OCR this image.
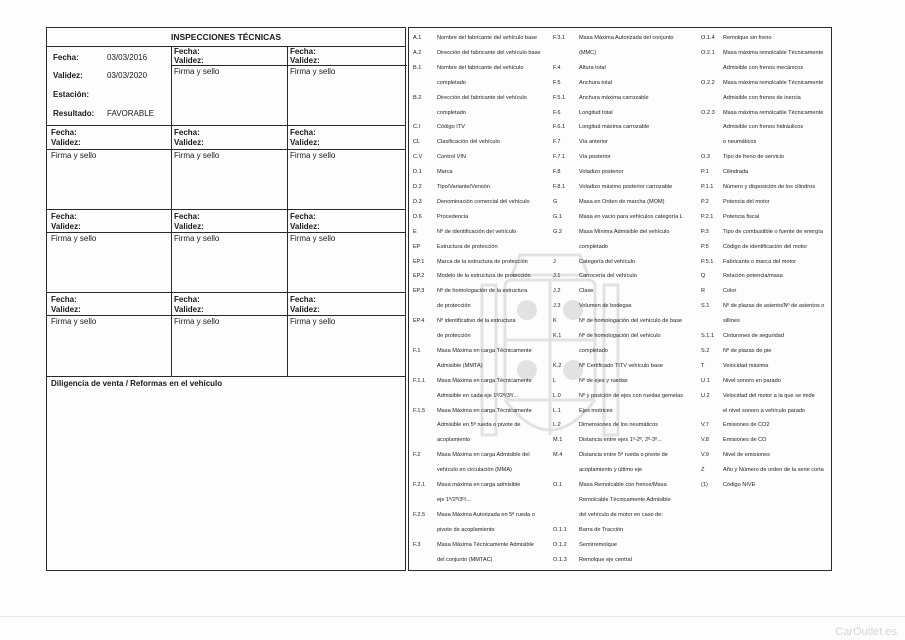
INSPECCIONES TÉCNICAS
Fecha:	03/03/2016
Validez:	03/03/2020
Estación:
Resultado: FAVORABLE
Fecha:
Validez:
Firma y sello
Fecha:
Validez:
Firma y sello
Fecha:
Validez:
Firma y sello
Fecha:
Validez:
Firma y sello
Fecha:
Validez:
Firma y sello
Fecha:
Validez:
Firma y sello
Fecha:
Validez:
Firma y sello
Fecha:
Validez:
Firma y sello
Fecha:
Validez:
Firma y sello
Fecha:
Validez:
Firma y sello
Fecha:
Validez:
Firma y sello
Diligencia de venta / Reformas en el vehículo
A.1	Nombre del fabricante del vehículo base
A.2	Dirección del fabricante del vehículo base
B.1	Nombre del fabricante del vehículo
completado
B.2	Dirección del fabricante del vehículo
completado
C.I	Código ITV
CL	Clasificación del vehículo
C.V	Control VIN
D.1	Marca
D.2	Tipo/Variante/Versión
D.3	Denominación comercial del vehículo
D.6	Procedencia
E	Nº de identificación del vehículo
EP	Estructura de protección
EP.1 Marca de la estructura de protección
EP.2 Modelo de la estructura de protección
EP.3 Nº de homologación de la estructura
de protección
EP.4 Nº identificativo de la estructura
de protección
F.1	Masa Máxima en carga Técnicamente
Admisible (MMTA)
F.1.1 Masa Máxima en carga Técnicamente
Admisible en cada eje 1º/2º/3º/...
F.1.5 Masa Máxima en carga Técnicamente
Admisible en 5ª rueda o pivote de
acoplamiento
F.2	Masa Máxima en carga Admisible del
vehículo en circulación (MMA)
F.2.1 Masa máxima en carga admisible
eje 1º/2º/3º/...
F.2.5 Masa Máxima Autorizada en 5ª rueda o
pivote de acoplamiento
F.3	Masa Máxima Técnicamente Admisible
del conjunto (MMTAC)
F.3.1 Masa Máxima Autorizada del conjunto
(MMC)
F.4	Altura total
F.5	Anchura total
F.5.1 Anchura máxima carrozable
F.6	Longitud total
F.6.1 Longitud máxima carrozable
F.7	Vía anterior
F.7.1 Vía posterior
F.8	Voladizo posterior
F.8.1 Voladizo máximo posterior carrozable
G	Masa en Orden de marcha (MOM)
G.1	Masa en vacío para vehículos categoría L
G.2	Masa Mínima Admisible del vehículo
completado
J	Categoría del vehículo
J.1	Carrocería del vehículo
J.2	Clase
J.3	Volumen de bodegas
K	Nº de homologación del vehículo de base
K.1	Nº de homologación del vehículo
completado
K.2	Nº Certificado TITV vehículo base
L	Nº de ejes y ruedas
L.0	Nº y posición de ejes con ruedas gemelas
L.1	Ejes motrices
L.2	Dimensiones de los neumáticos
M.1	Distancia entre ejes 1º-2º, 2º-3º...
M.4	Distancia entre 5ª rueda o pivote de
acoplamiento y último eje
O.1	Masa Remolcable con frenos/Masa
Remolcable Técnicamente Admisible
del vehículo de motor en caso de:
O.1.1 Barra de Tracción
O.1.2 Semirremolque
O.1.3 Remolque eje central
O.1.4 Remolque sin freno
O.2.1 Masa máxima remolcable Técnicamente
Admisible con frenos mecánicos
O.2.2 Masa máxima remolcable Técnicamente
Admisible con frenos de inercia
O.2.3 Masa máxima remolcable Técnicamente
Admisible con frenos hidráulicos
o neumáticos
O.3 Tipo de freno de servicio
P.1	Cilindrada
P.1.1 Número y disposición de los cilindros
P.2	Potencia del motor
P.2.1 Potencia fiscal
P.3	Tipo de combustible o fuente de energía
P.5	Código de identificación del motor
P.5.1 Fabricante o marca del motor
Q	Relación potencia/masa
R	Color
S.1 Nº de plazas de asiento/Nº de asientos o
sillines
S.1.1 Cinturones de seguridad
S.2 Nº de plazas de pie
T	Velocidad máxima
U.1 Nivel sonoro en parado
U.2 Velocidad del motor a la que se mide
el nivel sonoro a vehículo parado
V.7	Emisiones de CO2
V.8	Emisiones de CO
V.9	Nivel de emisiones
Z	Año y Número de orden de la serie corta
(1)	Código NIVE
CarOutlet.es
